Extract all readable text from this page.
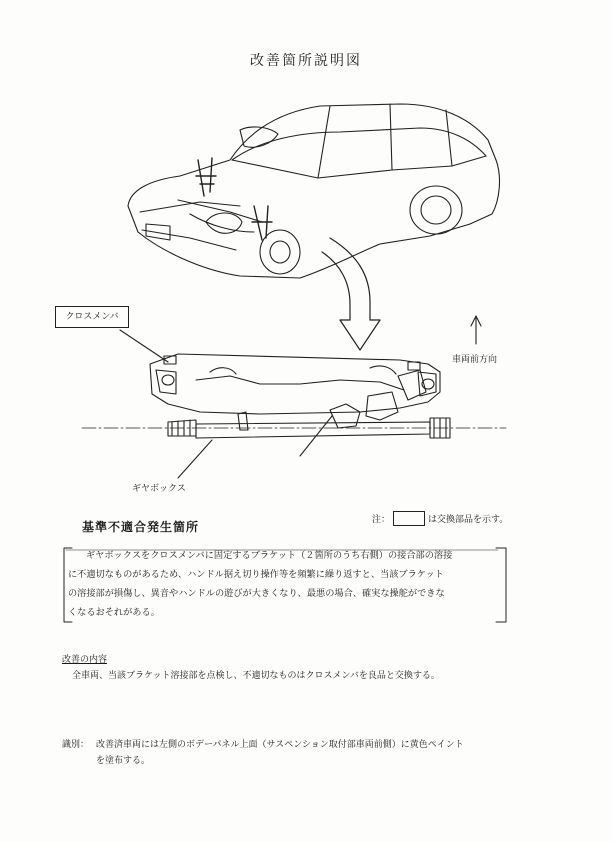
改善箇所説明図
クロスメンバ
車両前方向
ギヤボックス
基準不適合発生箇所	注：	は交換部品を示す。

ギヤボックスをクロスメンバに固定するブラケット（２箇所のうち右側）の接合部の溶接

に不適切なものがあるため、ハンドル据え切り操作等を頻繁に繰り返すと、当該ブラケット

の溶接部が損傷し、異音やハンドルの遊びが大きくなり、最悪の場合、確実な操舵ができな

くなるおそれがある。

改善の内容
全車両、当該ブラケット溶接部を点検し、不適切なものはクロスメンバを良品と交換する。
識別： 改善済車両には左側のボデーパネル上面（サスペンション取付部車両前側）に黄色ペイント
を塗布する。
